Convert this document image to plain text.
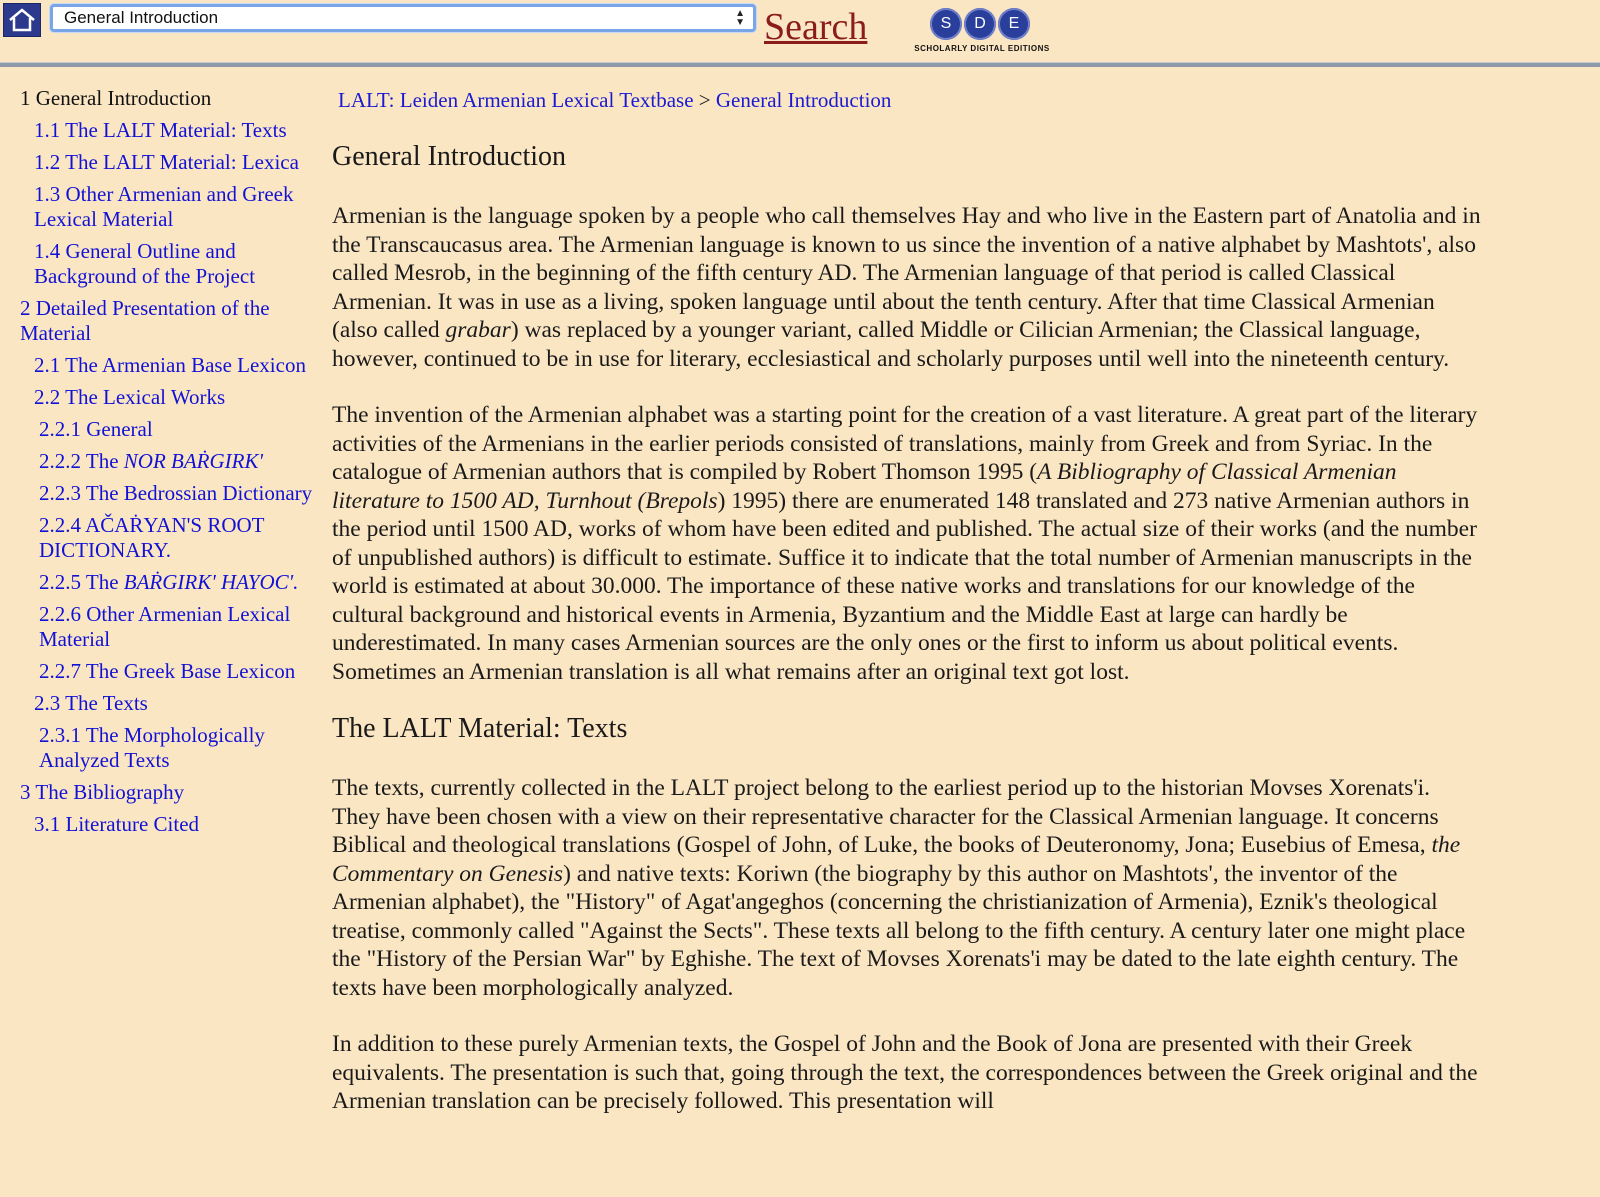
General Introduction	▲
▼ Search	S	D	E
SCHOLARLY DIGITAL EDITIONS
1 General Introduction
1.1 The LALT Material: Texts
1.2 The LALT Material: Lexica
1.3 Other Armenian and Greek Lexical Material
1.4 General Outline and Background of the Project
2 Detailed Presentation of the Material
2.1 The Armenian Base Lexicon
2.2 The Lexical Works
2.2.1 General
2.2.2 The NOR BAṘGIRK'
2.2.3 The Bedrossian Dictionary
2.2.4 AČAṘYAN'S ROOT DICTIONARY.
2.2.5 The BAṘGIRK' HAYOC'.
2.2.6 Other Armenian Lexical Material
2.2.7 The Greek Base Lexicon
2.3 The Texts
2.3.1 The Morphologically Analyzed Texts
3 The Bibliography
3.1 Literature Cited
LALT: Leiden Armenian Lexical Textbase > General Introduction
General Introduction

Armenian is the language spoken by a people who call themselves Hay and who live in the Eastern part of Anatolia and in the Transcaucasus area. The Armenian language is known to us since the invention of a native alphabet by Mashtots', also called Mesrob, in the beginning of the fifth century AD. The Armenian language of that period is called Classical Armenian. It was in use as a living, spoken language until about the tenth century. After that time Classical Armenian (also called grabar) was replaced by a younger variant, called Middle or Cilician Armenian; the Classical language, however, continued to be in use for literary, ecclesiastical and scholarly purposes until well into the nineteenth century.

The invention of the Armenian alphabet was a starting point for the creation of a vast literature. A great part of the literary activities of the Armenians in the earlier periods consisted of translations, mainly from Greek and from Syriac. In the catalogue of Armenian authors that is compiled by Robert Thomson 1995 (A Bibliography of Classical Armenian literature to 1500 AD, Turnhout (Brepols) 1995) there are enumerated 148 translated and 273 native Armenian authors in the period until 1500 AD, works of whom have been edited and published. The actual size of their works (and the number of unpublished authors) is difficult to estimate. Suffice it to indicate that the total number of Armenian manuscripts in the world is estimated at about 30.000. The importance of these native works and translations for our knowledge of the cultural background and historical events in Armenia, Byzantium and the Middle East at large can hardly be underestimated. In many cases Armenian sources are the only ones or the first to inform us about political events. Sometimes an Armenian translation is all what remains after an original text got lost.

The LALT Material: Texts

The texts, currently collected in the LALT project belong to the earliest period up to the historian Movses Xorenats'i. They have been chosen with a view on their representative character for the Classical Armenian language. It concerns Biblical and theological translations (Gospel of John, of Luke, the books of Deuteronomy, Jona; Eusebius of Emesa, the Commentary on Genesis) and native texts: Koriwn (the biography by this author on Mashtots', the inventor of the Armenian alphabet), the "History" of Agat'angeghos (concerning the christianization of Armenia), Eznik's theological treatise, commonly called "Against the Sects". These texts all belong to the fifth century. A century later one might place the "History of the Persian War" by Eghishe. The text of Movses Xorenats'i may be dated to the late eighth century. The texts have been morphologically analyzed.

In addition to these purely Armenian texts, the Gospel of John and the Book of Jona are presented with their Greek equivalents. The presentation is such that, going through the text, the correspondences between the Greek original and the Armenian translation can be precisely followed. This presentation will
